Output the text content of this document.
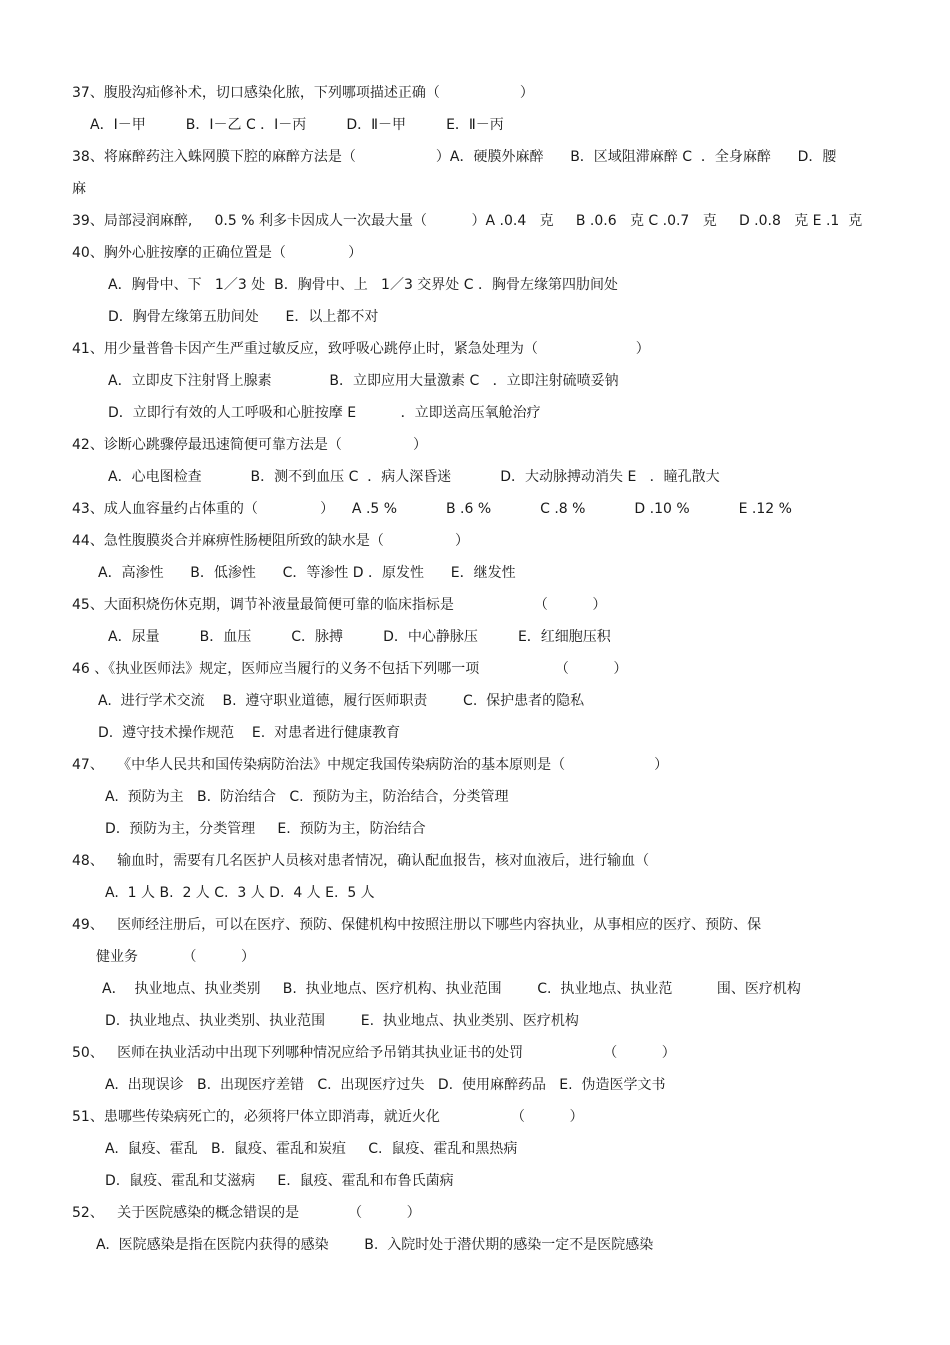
37、腹股沟疝修补术，切口感染化脓，下列哪项描述正确（                  ）
A．Ⅰ－甲         B．Ⅰ－乙 C ．Ⅰ－丙         D．Ⅱ－甲         E．Ⅱ－丙
38、将麻醉药注入蛛网膜下腔的麻醉方法是（                  ）A．硬膜外麻醉      B．区域阻滞麻醉 C  ．全身麻醉      D．腰
麻
39、局部浸润麻醉,     0.5 % 利多卡因成人一次最大量（          ）A .0.4   克     B .0.6   克 C .0.7   克     D .0.8   克 E .1  克
40、胸外心脏按摩的正确位置是（              ）
A．胸骨中、下   1／3 处  B．胸骨中、上   1／3 交界处 C ．胸骨左缘第四肋间处
D．胸骨左缘第五肋间处      E．以上都不对
41、用少量普鲁卡因产生严重过敏反应，致呼吸心跳停止时，紧急处理为（                      ）
A．立即皮下注射肾上腺素             B．立即应用大量激素 C   ．立即注射硫喷妥钠
D．立即行有效的人工呼吸和心脏按摩 E          ．立即送高压氧舱治疗
42、诊断心跳骤停最迅速简便可靠方法是（                ）
A．心电图检查           B．测不到血压 C  ．病人深昏迷           D．大动脉搏动消失 E   ．瞳孔散大
43、成人血容量约占体重的（              ）    A .5 %           B .6 %           C .8 %           D .10 %           E .12 %
44、急性腹膜炎合并麻痹性肠梗阻所致的缺水是（                ）
A．高渗性      B．低渗性      C．等渗性 D ．原发性      E．继发性
45、大面积烧伤休克期，调节补液量最简便可靠的临床指标是                  （          ）
A．尿量         B．血压         C．脉搏         D．中心静脉压         E．红细胞压积
46 、《执业医师法》规定，医师应当履行的义务不包括下列哪一项                 （          ）
A.  进行学术交流    B.  遵守职业道德，履行医师职责        C.  保护患者的隐私
D.  遵守技术操作规范    E.  对患者进行健康教育
47、   《中华人民共和国传染病防治法》中规定我国传染病防治的基本原则是（                    ）
A.  预防为主   B.  防治结合   C.  预防为主，防治结合，分类管理
D.  预防为主，分类管理     E.  预防为主，防治结合
48、   输血时，需要有几名医护人员核对患者情况，确认配血报告，核对血液后，进行输血（
A.  1 人 B.  2 人 C.  3 人 D.  4 人 E.  5 人
49、   医师经注册后，可以在医疗、预防、保健机构中按照注册以下哪些内容执业，从事相应的医疗、预防、保
健业务          （          ）
A．  执业地点、执业类别     B.  执业地点、医疗机构、执业范围        C.  执业地点、执业范          围、医疗机构
D.  执业地点、执业类别、执业范围        E.  执业地点、执业类别、医疗机构
50、   医师在执业活动中出现下列哪种情况应给予吊销其执业证书的处罚                  （          ）
A.  出现误诊   B.  出现医疗差错   C.  出现医疗过失   D.  使用麻醉药品   E.  伪造医学文书
51、患哪些传染病死亡的，必须将尸体立即消毒，就近火化                （          ）
A.  鼠疫、霍乱   B.  鼠疫、霍乱和炭疽     C.  鼠疫、霍乱和黑热病
D.  鼠疫、霍乱和艾滋病     E.  鼠疫、霍乱和布鲁氏菌病
52、   关于医院感染的概念错误的是           （          ）
A.  医院感染是指在医院内获得的感染        B.  入院时处于潜伏期的感染一定不是医院感染
